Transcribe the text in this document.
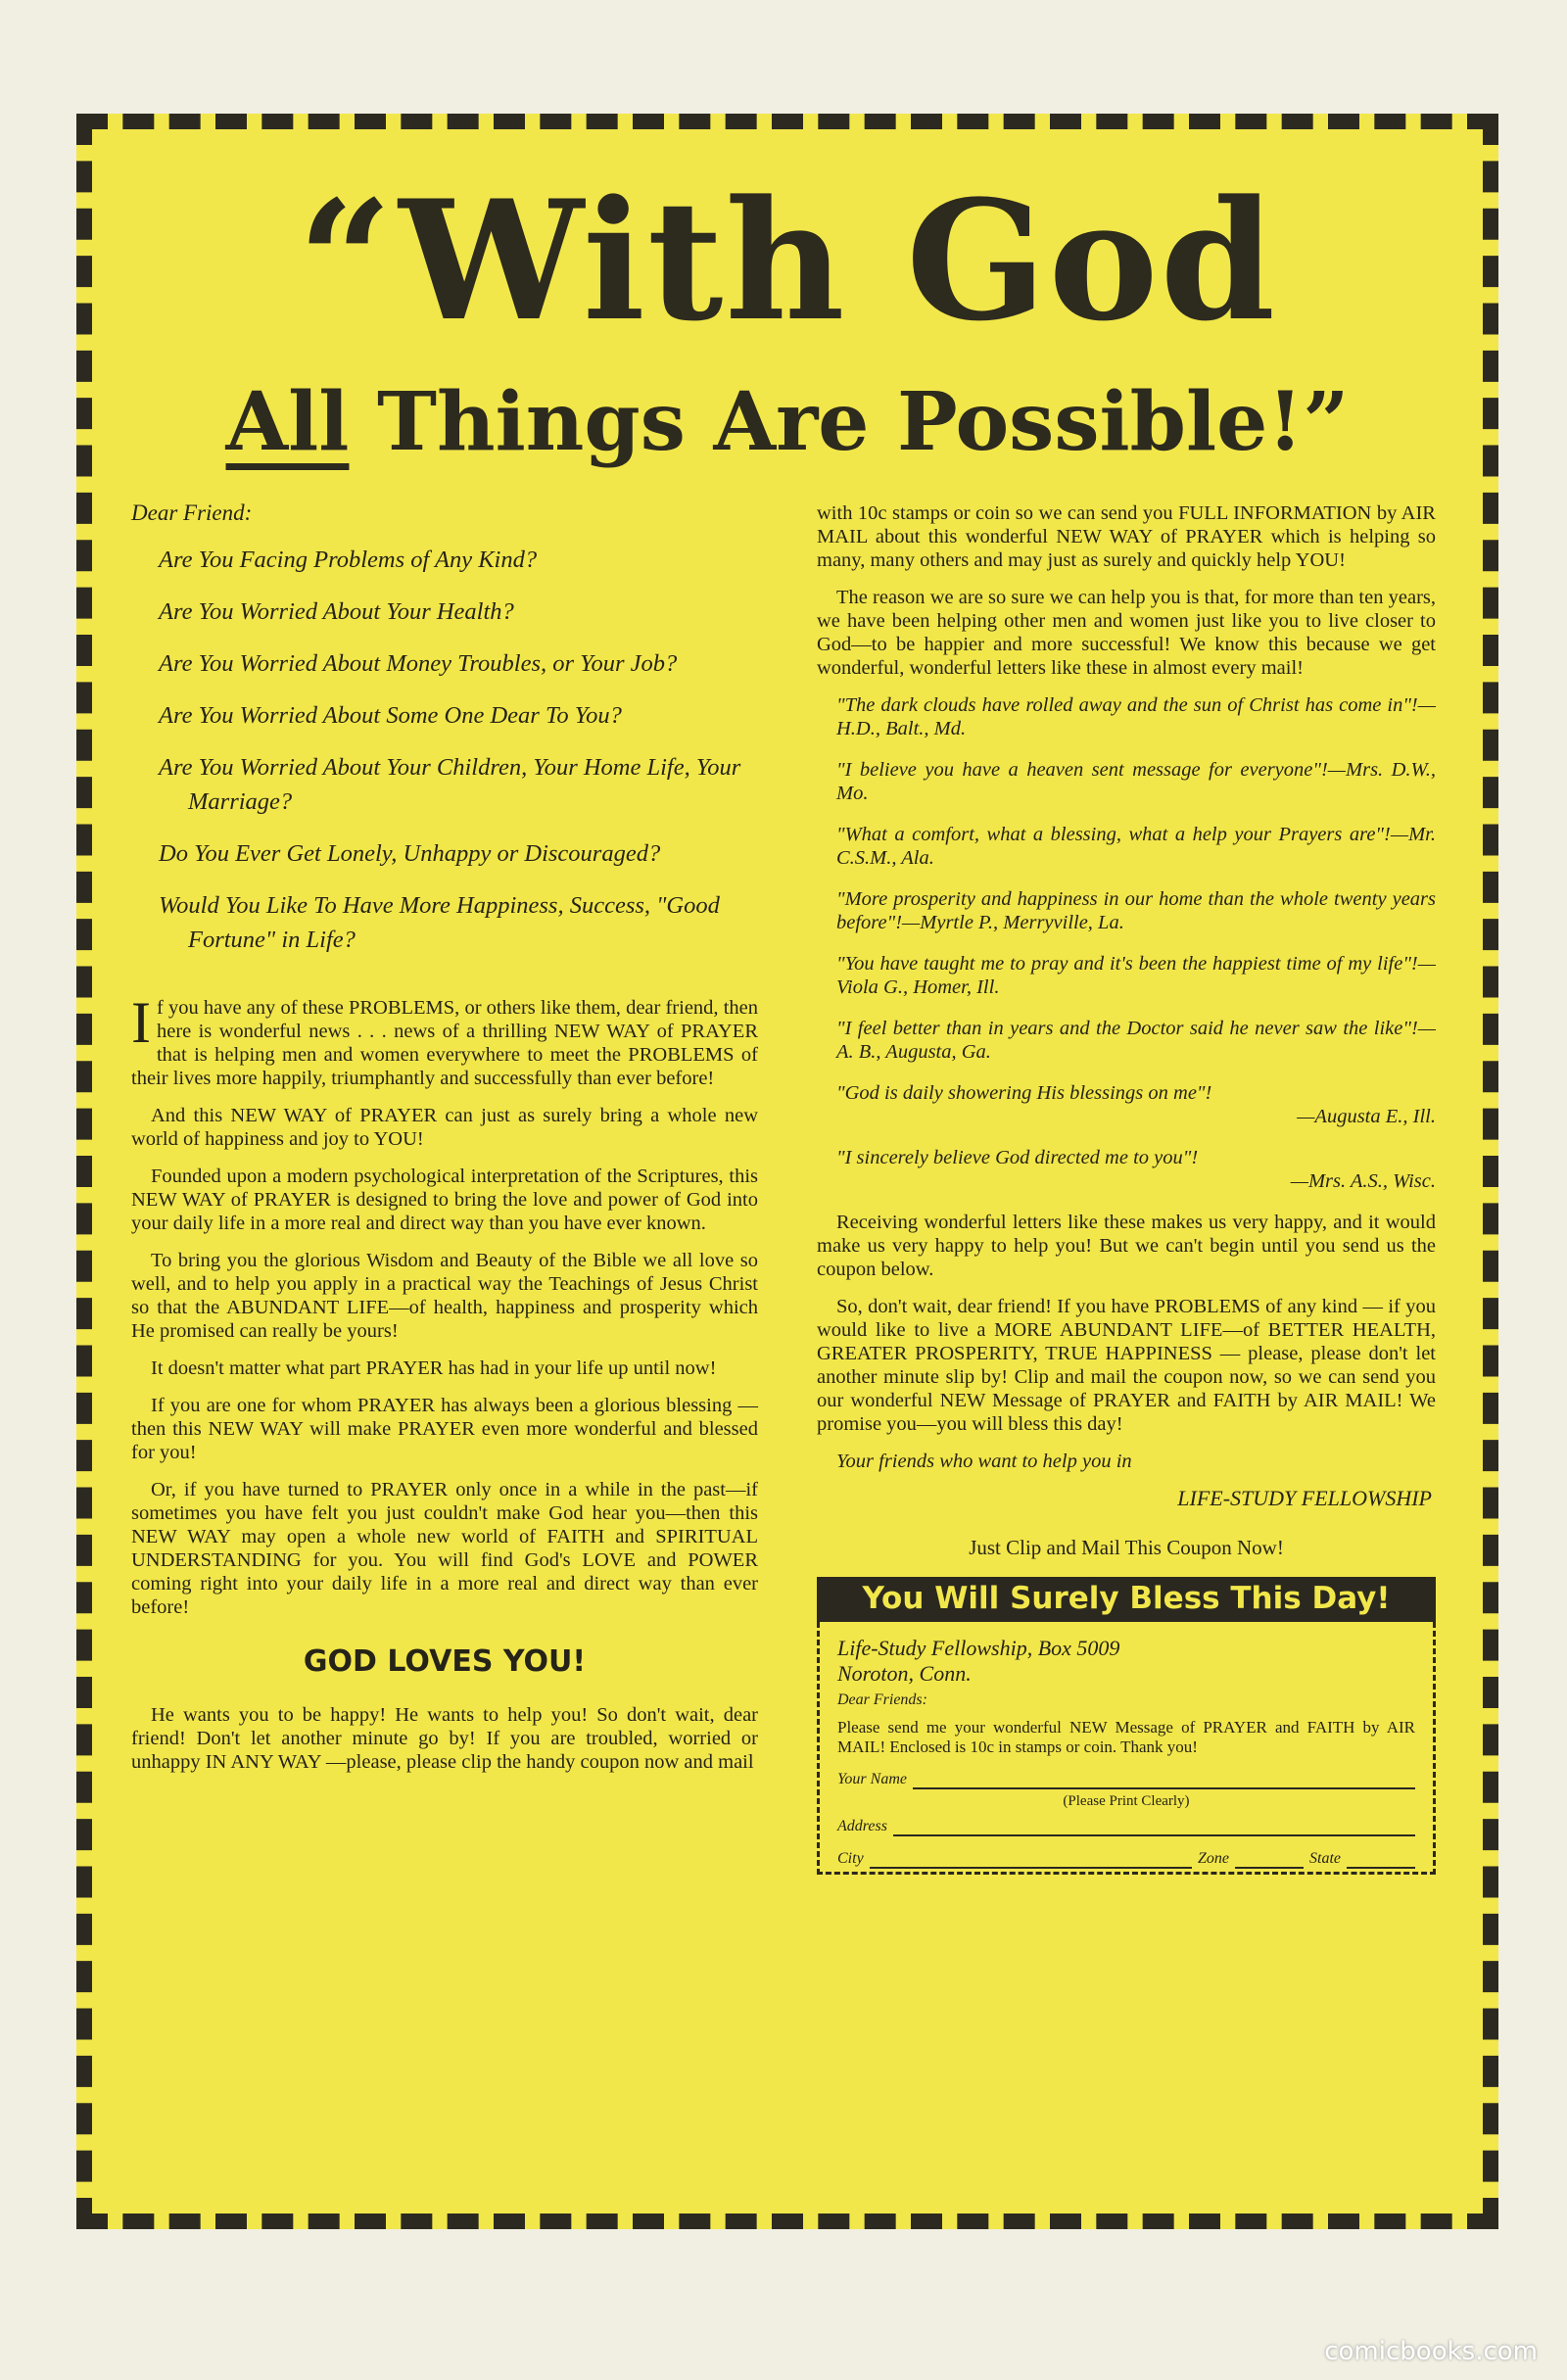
“With God
All Things Are Possible!”

Dear Friend:

Are You Facing Problems of Any Kind?

Are You Worried About Your Health?

Are You Worried About Money Troubles, or Your Job?

Are You Worried About Some One Dear To You?

Are You Worried About Your Children, Your Home Life, Your Marriage?

Do You Ever Get Lonely, Unhappy or Discouraged?

Would You Like To Have More Happiness, Success, "Good Fortune" in Life?

If you have any of these PROBLEMS, or others like them, dear friend, then here is wonderful news . . . news of a thrilling NEW WAY of PRAYER that is helping men and women everywhere to meet the PROBLEMS of their lives more happily, triumphantly and successfully than ever before!

And this NEW WAY of PRAYER can just as surely bring a whole new world of happiness and joy to YOU!

Founded upon a modern psychological interpretation of the Scriptures, this NEW WAY of PRAYER is designed to bring the love and power of God into your daily life in a more real and direct way than you have ever known.

To bring you the glorious Wisdom and Beauty of the Bible we all love so well, and to help you apply in a practical way the Teachings of Jesus Christ so that the ABUNDANT LIFE—of health, happiness and prosperity which He promised can really be yours!

It doesn't matter what part PRAYER has had in your life up until now!

If you are one for whom PRAYER has always been a glorious blessing — then this NEW WAY will make PRAYER even more wonderful and blessed for you!

Or, if you have turned to PRAYER only once in a while in the past—if sometimes you have felt you just couldn't make God hear you—then this NEW WAY may open a whole new world of FAITH and SPIRITUAL UNDERSTANDING for you. You will find God's LOVE and POWER coming right into your daily life in a more real and direct way than ever before!

GOD LOVES YOU!

He wants you to be happy! He wants to help you! So don't wait, dear friend! Don't let another minute go by! If you are troubled, worried or unhappy IN ANY WAY —please, please clip the handy coupon now and mail

with 10c stamps or coin so we can send you FULL INFORMATION by AIR MAIL about this wonderful NEW WAY of PRAYER which is helping so many, many others and may just as surely and quickly help YOU!

The reason we are so sure we can help you is that, for more than ten years, we have been helping other men and women just like you to live closer to God—to be happier and more successful! We know this because we get wonderful, wonderful letters like these in almost every mail!

"The dark clouds have rolled away and the sun of Christ has come in"!—H.D., Balt., Md.

"I believe you have a heaven sent message for everyone"!—Mrs. D.W., Mo.

"What a comfort, what a blessing, what a help your Prayers are"!—Mr. C.S.M., Ala.

"More prosperity and happiness in our home than the whole twenty years before"!—Myrtle P., Merryville, La.

"You have taught me to pray and it's been the happiest time of my life"!—Viola G., Homer, Ill.

"I feel better than in years and the Doctor said he never saw the like"!—A. B., Augusta, Ga.

"God is daily showering His blessings on me"!
—Augusta E., Ill.
"I sincerely believe God directed me to you"!
—Mrs. A.S., Wisc.

Receiving wonderful letters like these makes us very happy, and it would make us very happy to help you! But we can't begin until you send us the coupon below.

So, don't wait, dear friend! If you have PROBLEMS of any kind — if you would like to live a MORE ABUNDANT LIFE—of BETTER HEALTH, GREATER PROSPERITY, TRUE HAPPINESS — please, please don't let another minute slip by! Clip and mail the coupon now, so we can send you our wonderful NEW Message of PRAYER and FAITH by AIR MAIL! We promise you—you will bless this day!

Your friends who want to help you in

LIFE-STUDY FELLOWSHIP

Just Clip and Mail This Coupon Now!

You Will Surely Bless This Day!
Life-Study Fellowship, Box 5009
Noroton, Conn.
Dear Friends:
Please send me your wonderful NEW Message of PRAYER and FAITH by AIR MAIL! Enclosed is 10c in stamps or coin. Thank you!
Your Name
(Please Print Clearly)
Address
City	Zone	State
comicbooks.com
